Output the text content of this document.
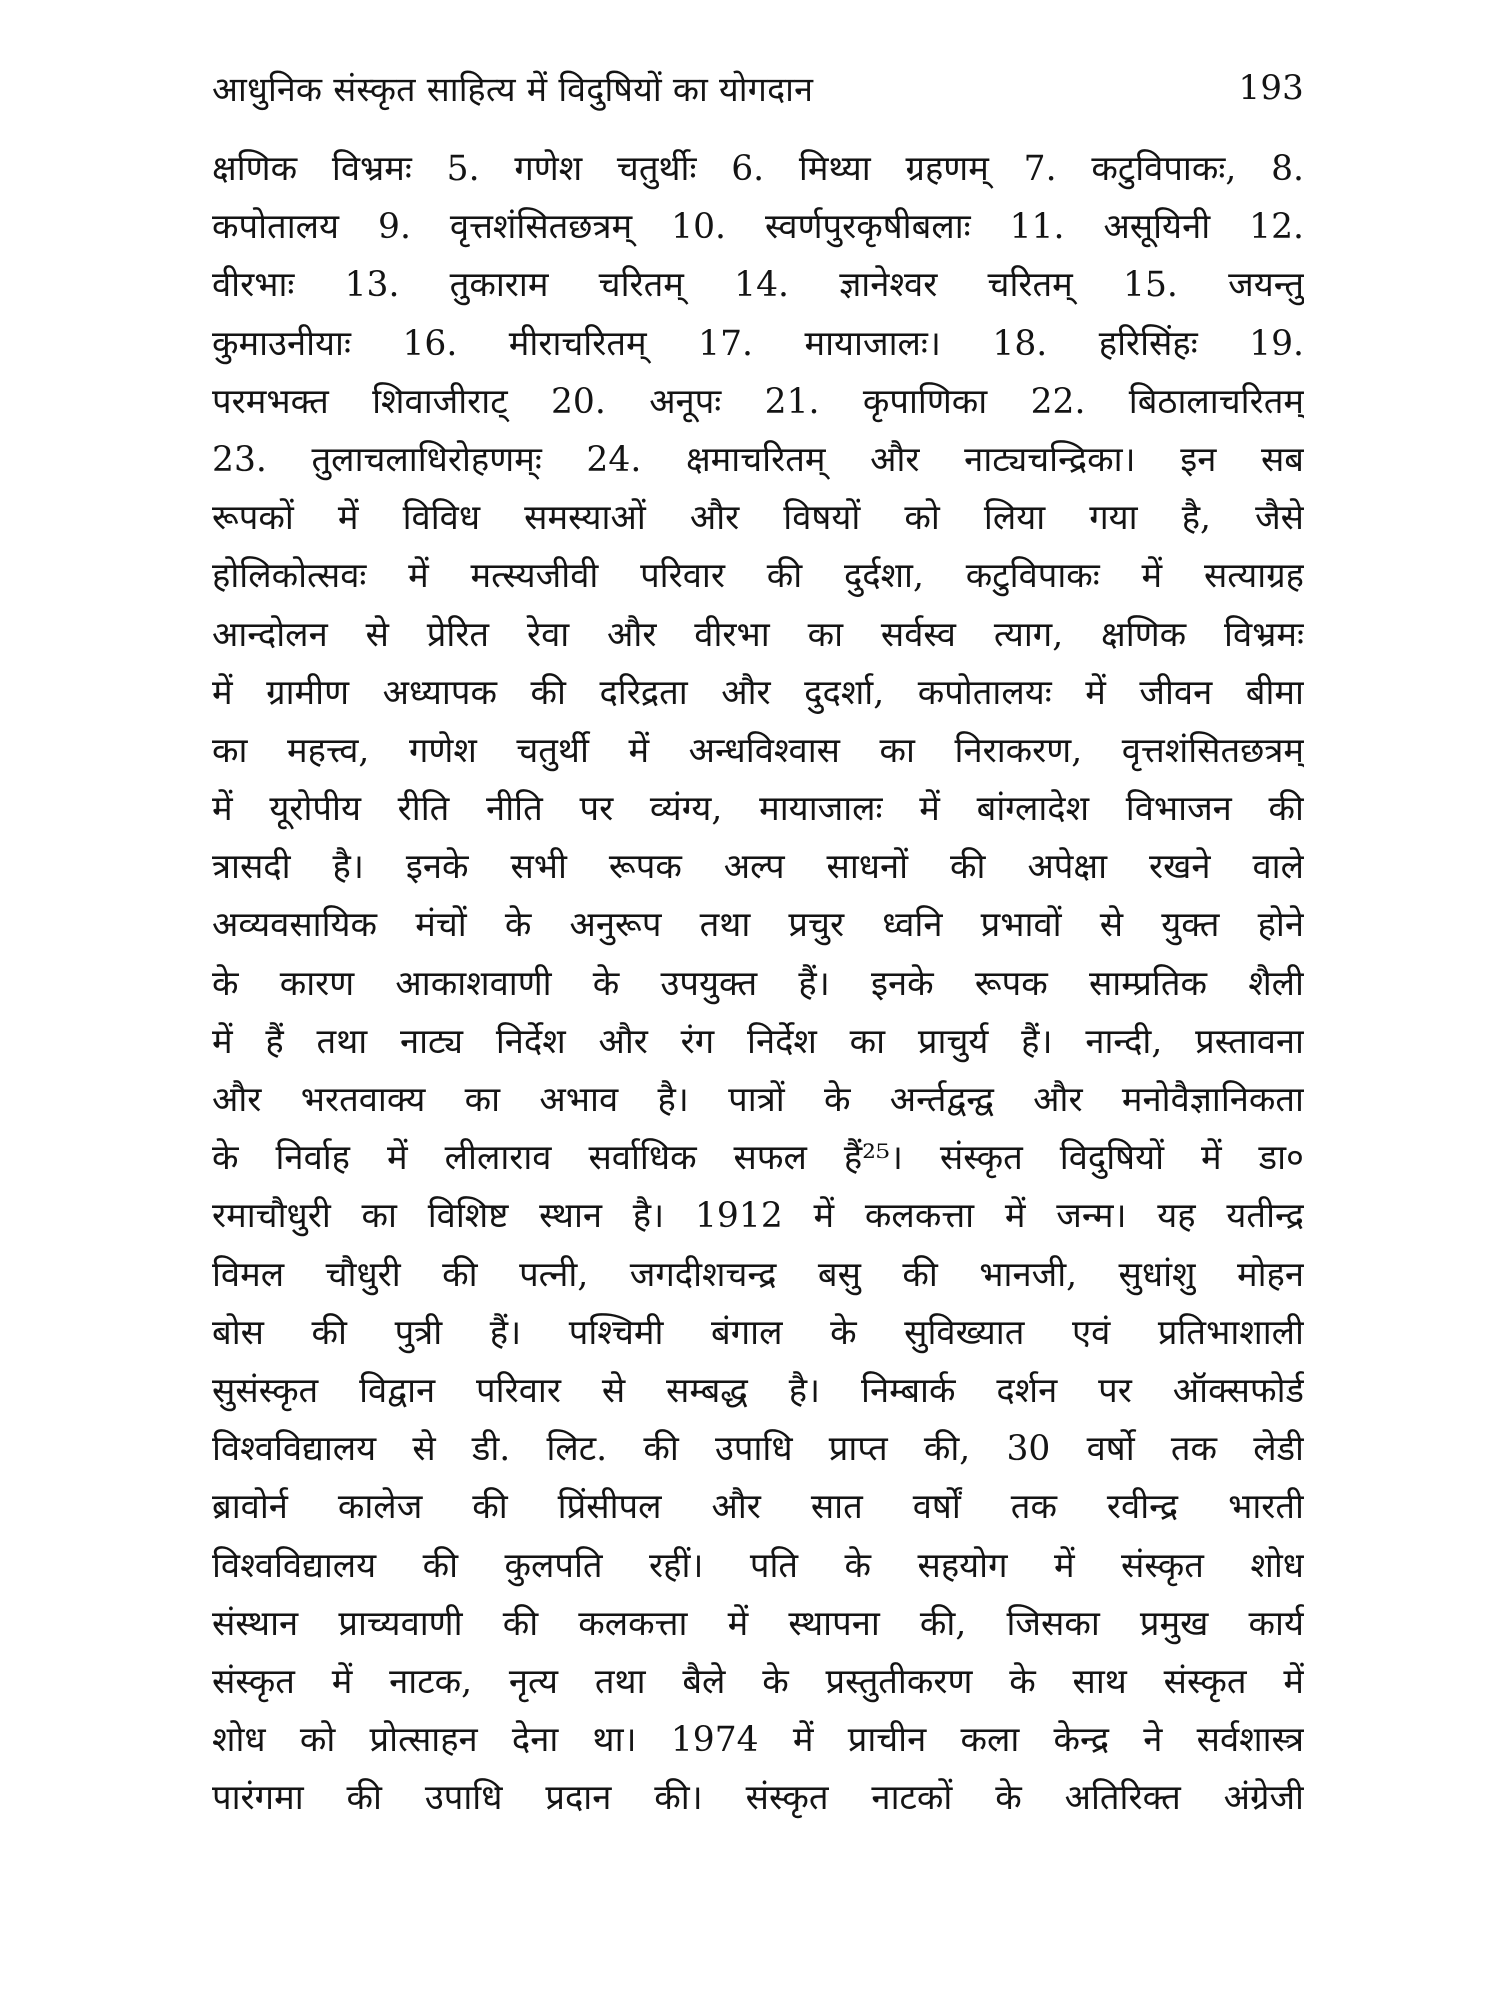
आधुनिक संस्कृत साहित्य में विदुषियों का योगदान	193
क्षणिक विभ्रमः 5. गणेश चतुर्थीः 6. मिथ्या ग्रहणम् 7. कटुविपाकः, 8.
कपोतालय 9. वृत्तशंसितछत्रम् 10. स्वर्णपुरकृषीबलाः 11. असूयिनी 12.
वीरभाः 13. तुकाराम चरितम् 14. ज्ञानेश्वर चरितम् 15. जयन्तु
कुमाउनीयाः 16. मीराचरितम् 17. मायाजालः। 18. हरिसिंहः 19.
परमभक्त शिवाजीराट् 20. अनूपः 21. कृपाणिका 22. बिठालाचरितम्
23. तुलाचलाधिरोहणम्ः 24. क्षमाचरितम् और नाट्यचन्द्रिका। इन सब
रूपकों में विविध समस्याओं और विषयों को लिया गया है, जैसे
होलिकोत्सवः में मत्स्यजीवी परिवार की दुर्दशा, कटुविपाकः में सत्याग्रह
आन्दोलन से प्रेरित रेवा और वीरभा का सर्वस्व त्याग, क्षणिक विभ्रमः
में ग्रामीण अध्यापक की दरिद्रता और दुदर्शा, कपोतालयः में जीवन बीमा
का महत्त्व, गणेश चतुर्थी में अन्धविश्वास का निराकरण, वृत्तशंसितछत्रम्
में यूरोपीय रीति नीति पर व्यंग्य, मायाजालः में बांग्लादेश विभाजन की
त्रासदी है। इनके सभी रूपक अल्प साधनों की अपेक्षा रखने वाले
अव्यवसायिक मंचों के अनुरूप तथा प्रचुर ध्वनि प्रभावों से युक्त होने
के कारण आकाशवाणी के उपयुक्त हैं। इनके रूपक साम्प्रतिक शैली
में हैं तथा नाट्य निर्देश और रंग निर्देश का प्राचुर्य हैं। नान्दी, प्रस्तावना
और भरतवाक्य का अभाव है। पात्रों के अर्न्तद्वन्द्व और मनोवैज्ञानिकता
के निर्वाह में लीलाराव सर्वाधिक सफल हैं²⁵। संस्कृत विदुषियों में डा०
रमाचौधुरी का विशिष्ट स्थान है। 1912 में कलकत्ता में जन्म। यह यतीन्द्र
विमल चौधुरी की पत्नी, जगदीशचन्द्र बसु की भानजी, सुधांशु मोहन
बोस की पुत्री हैं। पश्चिमी बंगाल के सुविख्यात एवं प्रतिभाशाली
सुसंस्कृत विद्वान परिवार से सम्बद्ध है। निम्बार्क दर्शन पर ऑक्सफोर्ड
विश्वविद्यालय से डी. लिट. की उपाधि प्राप्त की, 30 वर्षो तक लेडी
ब्रावोर्न कालेज की प्रिंसीपल और सात वर्षों तक रवीन्द्र भारती
विश्वविद्यालय की कुलपति रहीं। पति के सहयोग में संस्कृत शोध
संस्थान प्राच्यवाणी की कलकत्ता में स्थापना की, जिसका प्रमुख कार्य
संस्कृत में नाटक, नृत्य तथा बैले के प्रस्तुतीकरण के साथ संस्कृत में
शोध को प्रोत्साहन देना था। 1974 में प्राचीन कला केन्द्र ने सर्वशास्त्र
पारंगमा की उपाधि प्रदान की। संस्कृत नाटकों के अतिरिक्त अंग्रेजी
